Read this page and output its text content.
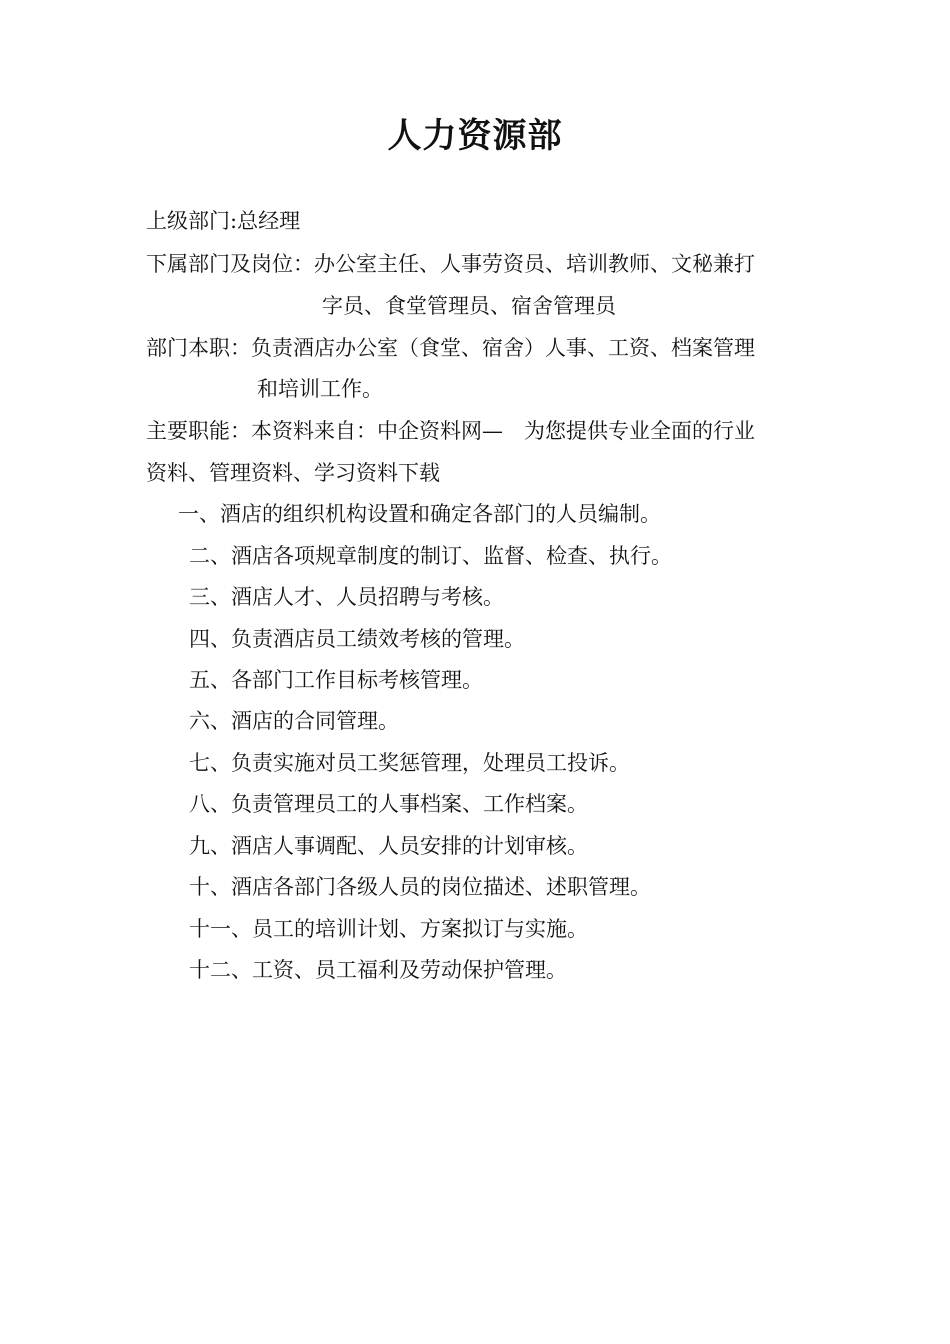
人力资源部
上级部门:总经理
下属部门及岗位：办公室主任、人事劳资员、培训教师、文秘兼打
字员、食堂管理员、宿舍管理员
部门本职：负责酒店办公室（食堂、宿舍）人事、工资、档案管理
和培训工作。
主要职能：本资料来自：中企资料网—　为您提供专业全面的行业
资料、管理资料、学习资料下载
一、酒店的组织机构设置和确定各部门的人员编制。
二、酒店各项规章制度的制订、监督、检查、执行。
三、酒店人才、人员招聘与考核。
四、负责酒店员工绩效考核的管理。
五、各部门工作目标考核管理。
六、酒店的合同管理。
七、负责实施对员工奖惩管理，处理员工投诉。
八、负责管理员工的人事档案、工作档案。
九、酒店人事调配、人员安排的计划审核。
十、酒店各部门各级人员的岗位描述、述职管理。
十一、员工的培训计划、方案拟订与实施。
十二、工资、员工福利及劳动保护管理。
